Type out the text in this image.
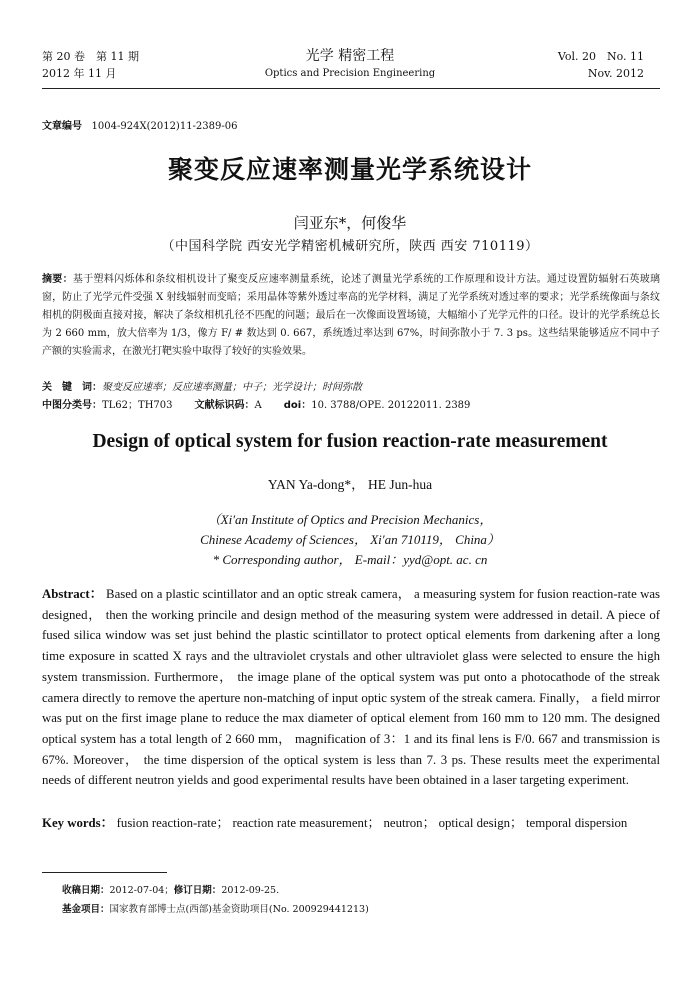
第 20 卷　第 11 期
2012 年 11 月
光学 精密工程
Optics and Precision Engineering
Vol. 20　No. 11
Nov. 2012
文章编号 1004-924X(2012)11-2389-06
聚变反应速率测量光学系统设计
闫亚东*，何俊华
（中国科学院 西安光学精密机械研究所，陕西 西安 710119）
摘要：基于塑料闪烁体和条纹相机设计了聚变反应速率测量系统，论述了测量光学系统的工作原理和设计方法。通过设置防辐射石英玻璃窗，防止了光学元件受强 X 射线辐射而变暗；采用晶体等紫外透过率高的光学材料，满足了光学系统对透过率的要求；光学系统像面与条纹相机的阴极面直接对接，解决了条纹相机孔径不匹配的问题；最后在一次像面设置场镜，大幅缩小了光学元件的口径。设计的光学系统总长为 2 660 mm，放大倍率为 1/3，像方 F/ # 数达到 0. 667，系统透过率达到 67%，时间弥散小于 7. 3 ps。这些结果能够适应不同中子产额的实验需求，在激光打靶实验中取得了较好的实验效果。
关　键　词：聚变反应速率；反应速率测量；中子；光学设计；时间弥散
中图分类号：TL62；TH703 文献标识码：A doi：10. 3788/OPE. 20122011. 2389
Design of optical system for fusion reaction-rate measurement
YAN Ya-dong*， HE Jun-hua
（Xi′an Institute of Optics and Precision Mechanics，
Chinese Academy of Sciences， Xi′an 710119， China）
* Corresponding author， E-mail：yyd@opt. ac. cn
Abstract： Based on a plastic scintillator and an optic streak camera， a measuring system for fusion reaction-rate was designed， then the working princile and design method of the measuring system were addressed in detail. A piece of fused silica window was set just behind the plastic scintillator to protect optical elements from darkening after a long time exposure in scatted X rays and the ultraviolet crystals and other ultraviolet glass were selected to ensure the high system transmission. Furthermore， the image plane of the optical system was put onto a photocathode of the streak camera directly to remove the aperture non-matching of input optic system of the streak camera. Finally， a field mirror was put on the first image plane to reduce the max diameter of optical element from 160 mm to 120 mm. The designed optical system has a total length of 2 660 mm， magnification of 3：1 and its final lens is F/0. 667 and transmission is 67%. Moreover， the time dispersion of the optical system is less than 7. 3 ps. These results meet the experimental needs of different neutron yields and good experimental results have been obtained in a laser targeting experiment.
Key words： fusion reaction-rate； reaction rate measurement； neutron； optical design； temporal dispersion
收稿日期：2012-07-04；修订日期：2012-09-25.
基金项目：国家教育部博士点(西部)基金资助项目(No. 200929441213)
